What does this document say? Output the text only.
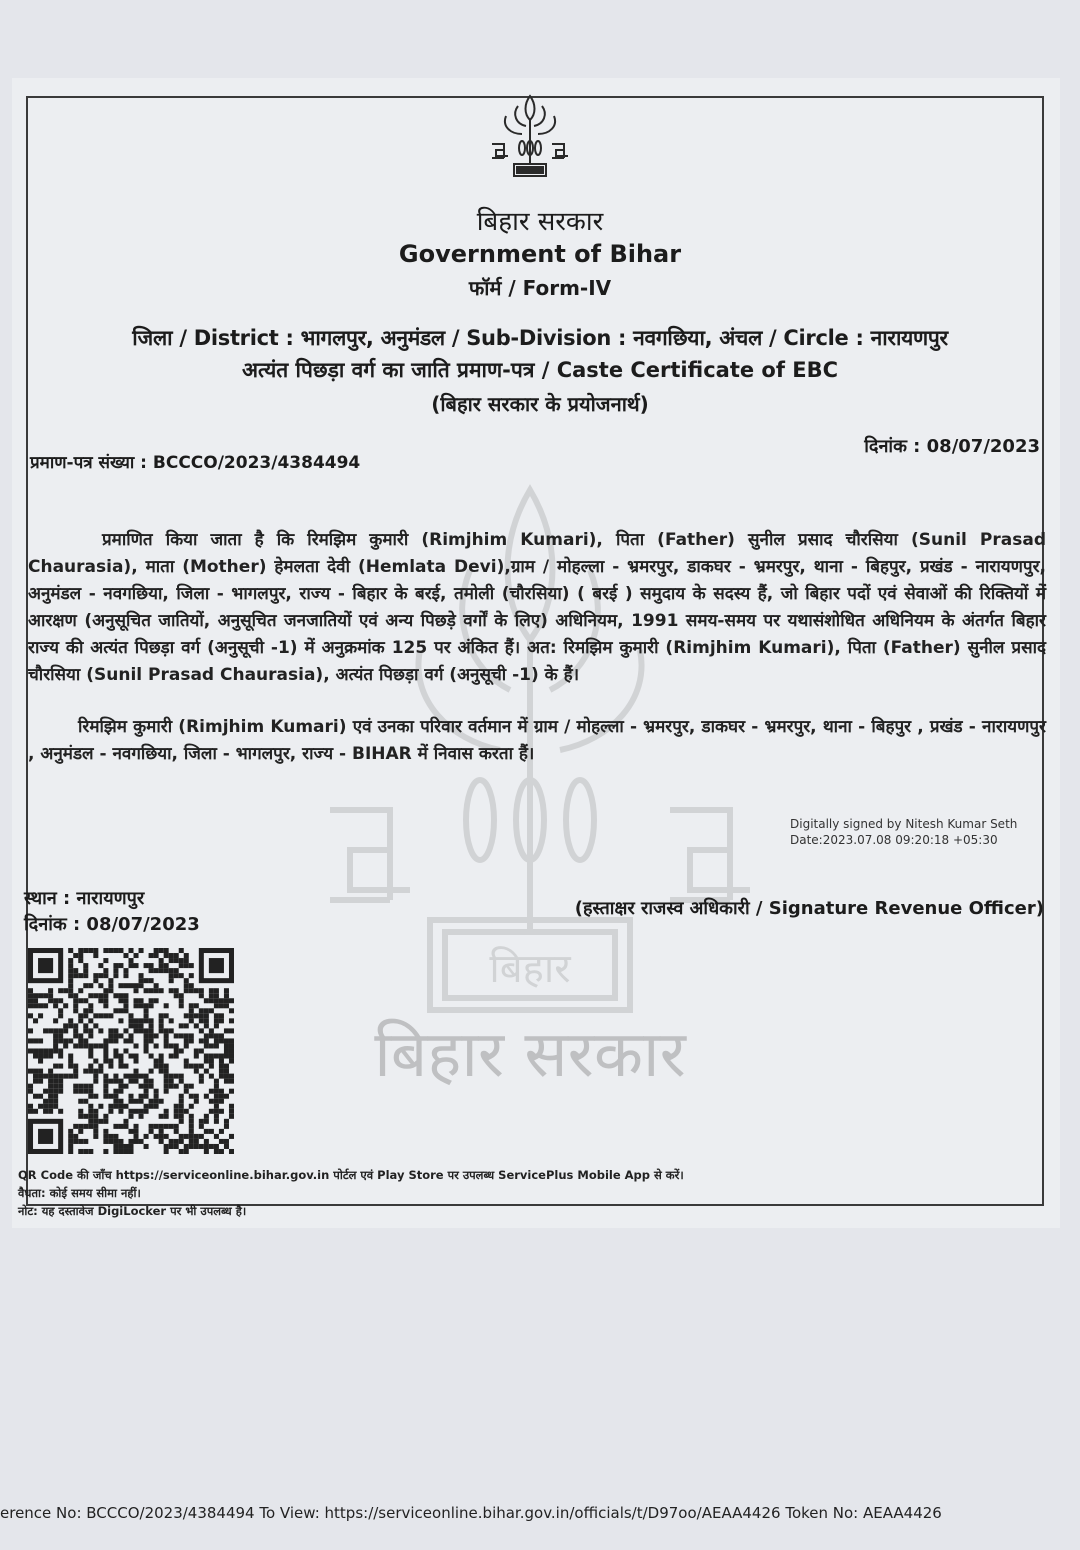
बिहार
बिहार सरकार
बिहार सरकार
Government of Bihar
फॉर्म / Form-IV
जिला / District : भागलपुर, अनुमंडल / Sub-Division : नवगछिया, अंचल / Circle : नारायणपुर
अत्यंत पिछड़ा वर्ग का जाति प्रमाण-पत्र / Caste Certificate of EBC
(बिहार सरकार के प्रयोजनार्थ)
प्रमाण-पत्र संख्या : BCCCO/2023/4384494
दिनांक : 08/07/2023
प्रमाणित किया जाता है कि रिमझिम कुमारी (Rimjhim Kumari), पिता (Father) सुनील प्रसाद चौरसिया (Sunil Prasad Chaurasia), माता (Mother) हेमलता देवी (Hemlata Devi),ग्राम / मोहल्ला - भ्रमरपुर, डाकघर - भ्रमरपुर, थाना - बिहपुर, प्रखंड - नारायणपुर, अनुमंडल - नवगछिया, जिला - भागलपुर, राज्य - बिहार के बरई, तमोली (चौरसिया) ( बरई ) समुदाय के सदस्य हैं, जो बिहार पदों एवं सेवाओं की रिक्तियों में आरक्षण (अनुसूचित जातियों, अनुसूचित जनजातियों एवं अन्य पिछड़े वर्गों के लिए) अधिनियम, 1991 समय-समय पर यथासंशोधित अधिनियम के अंतर्गत बिहार राज्य की अत्यंत पिछड़ा वर्ग (अनुसूची -1) में अनुक्रमांक 125 पर अंकित हैं। अत: रिमझिम कुमारी (Rimjhim Kumari), पिता (Father) सुनील प्रसाद चौरसिया (Sunil Prasad Chaurasia), अत्यंत पिछड़ा वर्ग (अनुसूची -1) के हैं।
रिमझिम कुमारी (Rimjhim Kumari) एवं उनका परिवार वर्तमान में ग्राम / मोहल्ला - भ्रमरपुर, डाकघर - भ्रमरपुर, थाना - बिहपुर , प्रखंड - नारायणपुर , अनुमंडल - नवगछिया, जिला - भागलपुर, राज्य - BIHAR में निवास करता हैं।
Digitally signed by Nitesh Kumar Seth
Date:2023.07.08 09:20:18 +05:30
स्थान : नारायणपुर
दिनांक : 08/07/2023
(हस्ताक्षर राजस्व अधिकारी / Signature Revenue Officer)
QR Code की जाँच https://serviceonline.bihar.gov.in पोर्टल एवं Play Store पर उपलब्ध ServicePlus Mobile App से करें।
वैधता: कोई समय सीमा नहीं।
नोट: यह दस्तावेज DigiLocker पर भी उपलब्ध है।
erence No: BCCCO/2023/4384494 To View: https://serviceonline.bihar.gov.in/officials/t/D97oo/AEAA4426 Token No: AEAA4426
